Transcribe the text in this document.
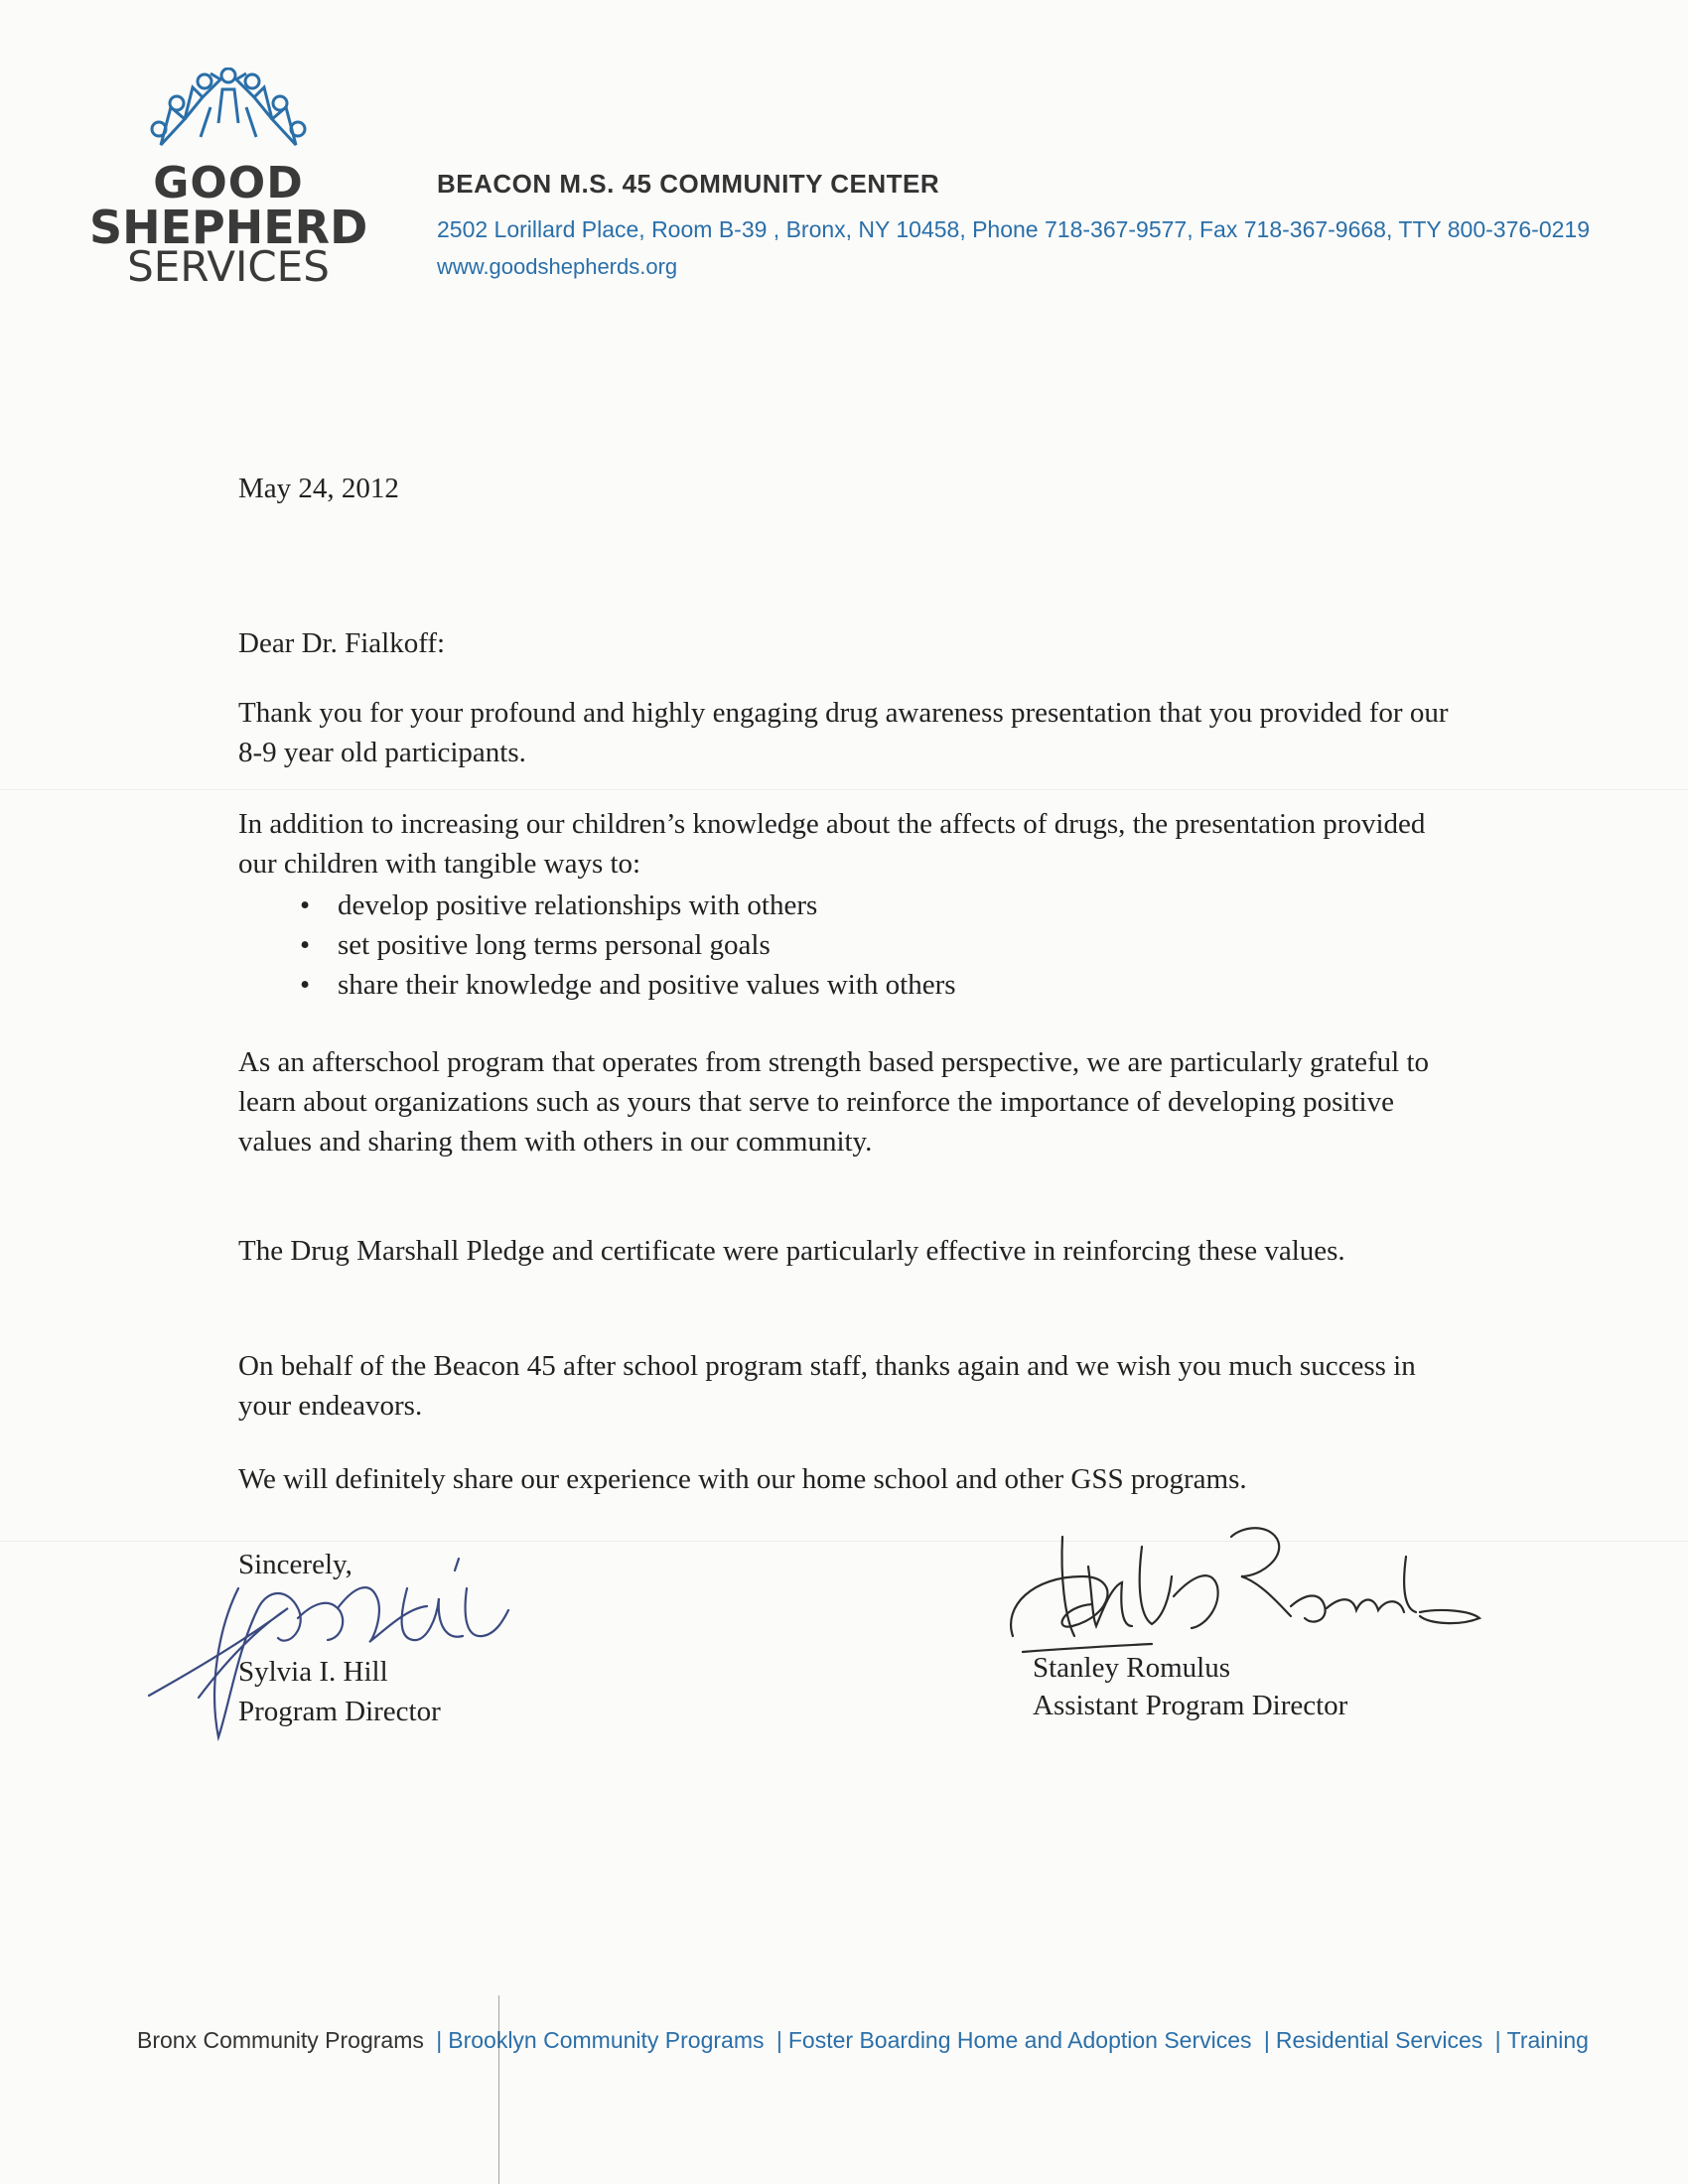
GOOD
SHEPHERD
SERVICES
BEACON M.S. 45 COMMUNITY CENTER
2502 Lorillard Place, Room B-39 , Bronx, NY 10458, Phone 718-367-9577, Fax 718-367-9668, TTY 800-376-0219
www.goodshepherds.org
May 24, 2012
Dear Dr. Fialkoff:
Thank you for your profound and highly engaging drug awareness presentation that you provided for our 8-9 year old participants.
In addition to increasing our children’s knowledge about the affects of drugs, the presentation provided our children with tangible ways to:
• develop positive relationships with others
• set positive long terms personal goals
• share their knowledge and positive values with others
As an afterschool program that operates from strength based perspective, we are particularly grateful to learn about organizations such as yours that serve to reinforce the importance of developing positive values and sharing them with others in our community.
The Drug Marshall Pledge and certificate were particularly effective in reinforcing these values.
On behalf of the Beacon 45 after school program staff, thanks again and we wish you much success in your endeavors.
We will definitely share our experience with our home school and other GSS programs.
Sincerely,
Sylvia I. Hill
Program Director
Stanley Romulus
Assistant Program Director
Bronx Community Programs | Brooklyn Community Programs | Foster Boarding Home and Adoption Services | Residential Services | Training
